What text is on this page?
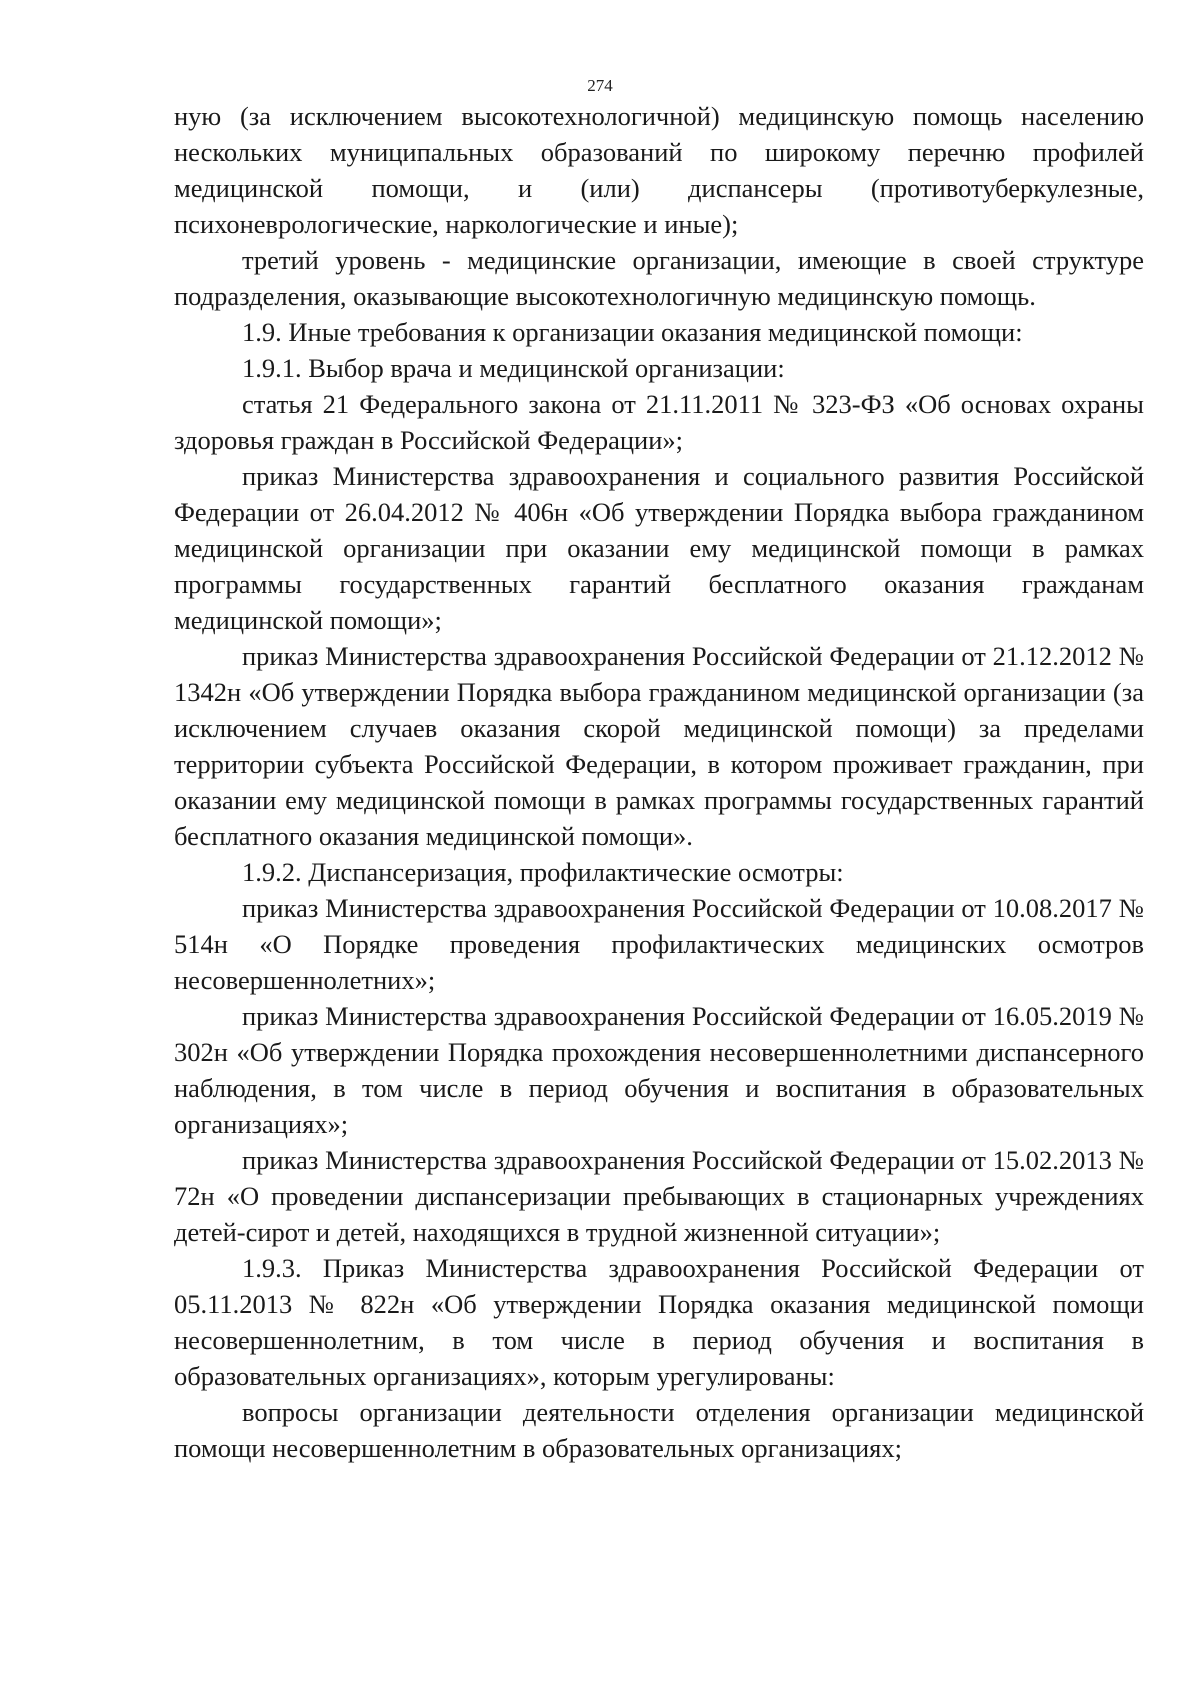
274

ную (за исключением высокотехнологичной) медицинскую помощь населению нескольких муниципальных образований по широкому перечню профилей медицинской помощи, и (или) диспансеры (противотуберкулезные, психоневрологические, наркологические и иные);

третий уровень - медицинские организации, имеющие в своей структуре подразделения, оказывающие высокотехнологичную медицинскую помощь.

1.9. Иные требования к организации оказания медицинской помощи:

1.9.1. Выбор врача и медицинской организации:

статья 21 Федерального закона от 21.11.2011 № 323-ФЗ «Об основах охраны здоровья граждан в Российской Федерации»;

приказ Министерства здравоохранения и социального развития Российской Федерации от 26.04.2012 № 406н «Об утверждении Порядка выбора гражданином медицинской организации при оказании ему медицинской помощи в рамках программы государственных гарантий бесплатного оказания гражданам медицинской помощи»;

приказ Министерства здравоохранения Российской Федерации от 21.12.2012 № 1342н «Об утверждении Порядка выбора гражданином медицинской организации (за исключением случаев оказания скорой медицинской помощи) за пределами территории субъекта Российской Федерации, в котором проживает гражданин, при оказании ему медицинской помощи в рамках программы государственных гарантий бесплатного оказания медицинской помощи».

1.9.2. Диспансеризация, профилактические осмотры:

приказ Министерства здравоохранения Российской Федерации от 10.08.2017 № 514н «О Порядке проведения профилактических медицинских осмотров несовершеннолетних»;

приказ Министерства здравоохранения Российской Федерации от 16.05.2019 № 302н «Об утверждении Порядка прохождения несовершеннолетними диспансерного наблюдения, в том числе в период обучения и воспитания в образовательных организациях»;

приказ Министерства здравоохранения Российской Федерации от 15.02.2013 № 72н «О проведении диспансеризации пребывающих в стационарных учреждениях детей-сирот и детей, находящихся в трудной жизненной ситуации»;

1.9.3. Приказ Министерства здравоохранения Российской Федерации от 05.11.2013 № 822н «Об утверждении Порядка оказания медицинской помощи несовершеннолетним, в том числе в период обучения и воспитания в образовательных организациях», которым урегулированы:

вопросы организации деятельности отделения организации медицинской помощи несовершеннолетним в образовательных организациях;
